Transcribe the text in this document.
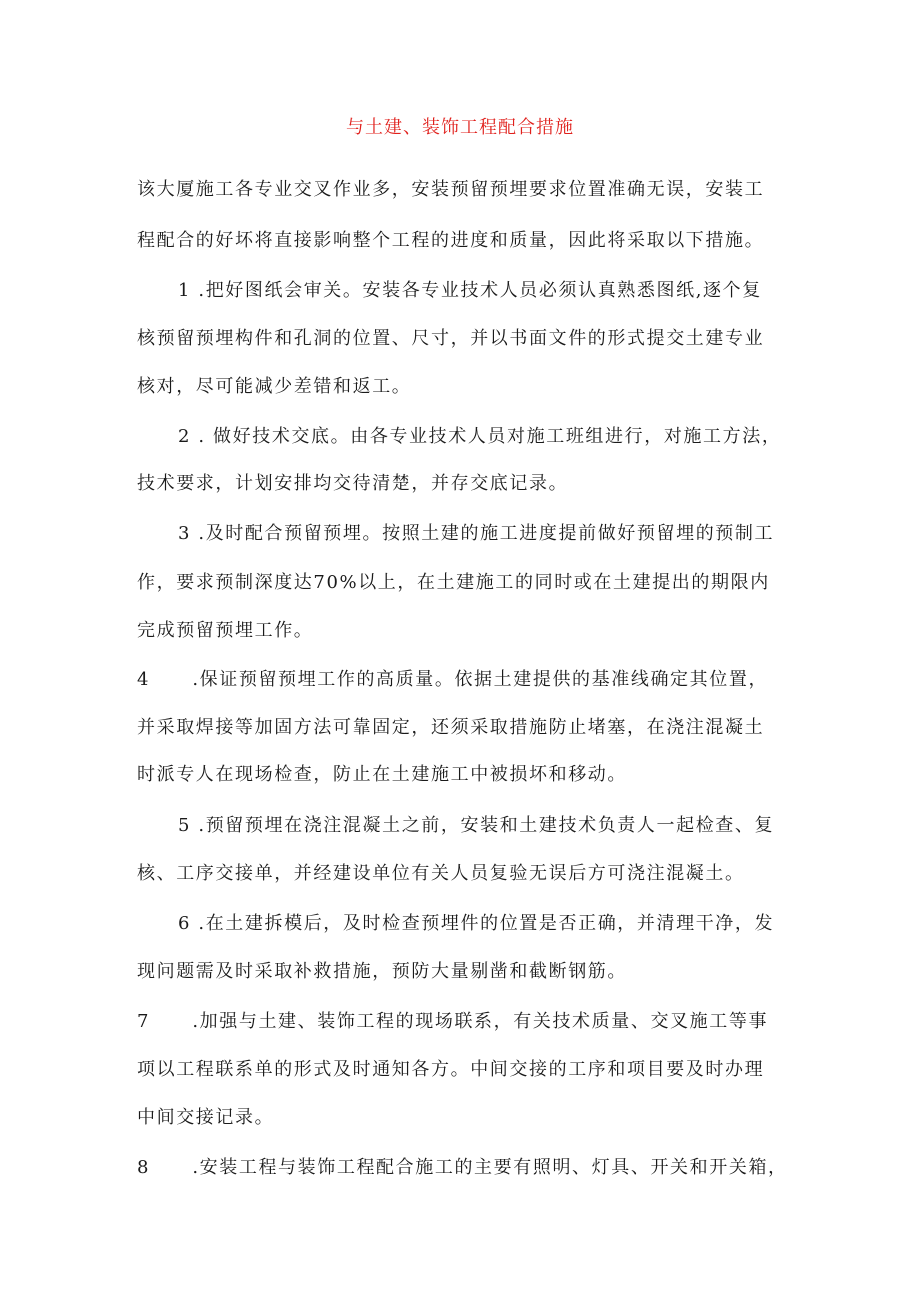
与土建、装饰工程配合措施
该大厦施工各专业交叉作业多，安装预留预埋要求位置准确无误，安装工
程配合的好坏将直接影响整个工程的进度和质量，因此将采取以下措施。
1 .把好图纸会审关。安装各专业技术人员必须认真熟悉图纸,逐个复
核预留预埋构件和孔洞的位置、尺寸，并以书面文件的形式提交土建专业
核对，尽可能减少差错和返工。
2 . 做好技术交底。由各专业技术人员对施工班组进行，对施工方法，
技术要求，计划安排均交待清楚，并存交底记录。
3 .及时配合预留预埋。按照土建的施工进度提前做好预留埋的预制工
作，要求预制深度达70%以上，在土建施工的同时或在土建提出的期限内
完成预留预埋工作。
4 .保证预留预埋工作的高质量。依据土建提供的基准线确定其位置，
并采取焊接等加固方法可靠固定，还须采取措施防止堵塞，在浇注混凝土
时派专人在现场检查，防止在土建施工中被损坏和移动。
5 .预留预埋在浇注混凝土之前，安装和土建技术负责人一起检查、复
核、工序交接单，并经建设单位有关人员复验无误后方可浇注混凝土。
6 .在土建拆模后，及时检查预埋件的位置是否正确，并清理干净，发
现问题需及时采取补救措施，预防大量剔凿和截断钢筋。
7 .加强与土建、装饰工程的现场联系，有关技术质量、交叉施工等事
项以工程联系单的形式及时通知各方。中间交接的工序和项目要及时办理
中间交接记录。
8 .安装工程与装饰工程配合施工的主要有照明、灯具、开关和开关箱，
